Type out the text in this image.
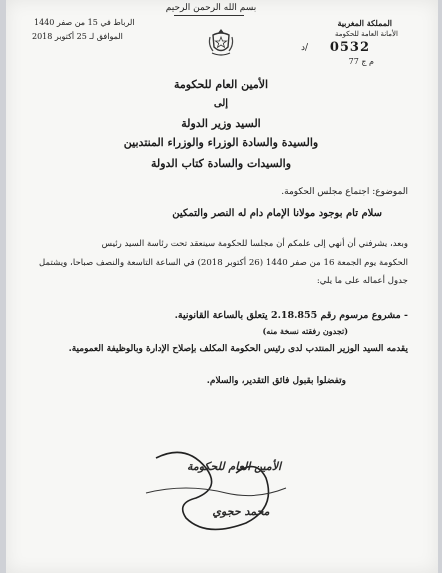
بسم الله الرحمن الرحيم
المملكة المغربية
الأمانة العامة للحكومة
0532
د/
م ج 77
الرباط في 15 من صفر 1440
الموافق لـ 25 أكتوبر 2018
الأمين العام للحكومة
إلى
السيد وزير الدولة
والسيدة والسادة الوزراء والوزراء المنتدبين
والسيدات والسادة كتاب الدولة
الموضوع: اجتماع مجلس الحكومة.
سلام تام بوجود مولانا الإمام دام له النصر والتمكين
وبعد، يشرفني أن أنهي إلى علمكم أن مجلسا للحكومة سينعقد تحت رئاسة السيد رئيس
الحكومة يوم الجمعة 16 من صفر 1440 (26 أكتوبر 2018) في الساعة التاسعة والنصف صباحا، ويشتمل
جدول أعماله على ما يلي:
- مشروع مرسوم رقم 2.18.855 يتعلق بالساعة القانونية.
(تجدون رفقته نسخة منه)
يقدمه السيد الوزير المنتدب لدى رئيس الحكومة المكلف بإصلاح الإدارة وبالوظيفة العمومية.
وتفضلوا بقبول فائق التقدير، والسلام.
الأمين العام للحكومة
محمد حجوي
